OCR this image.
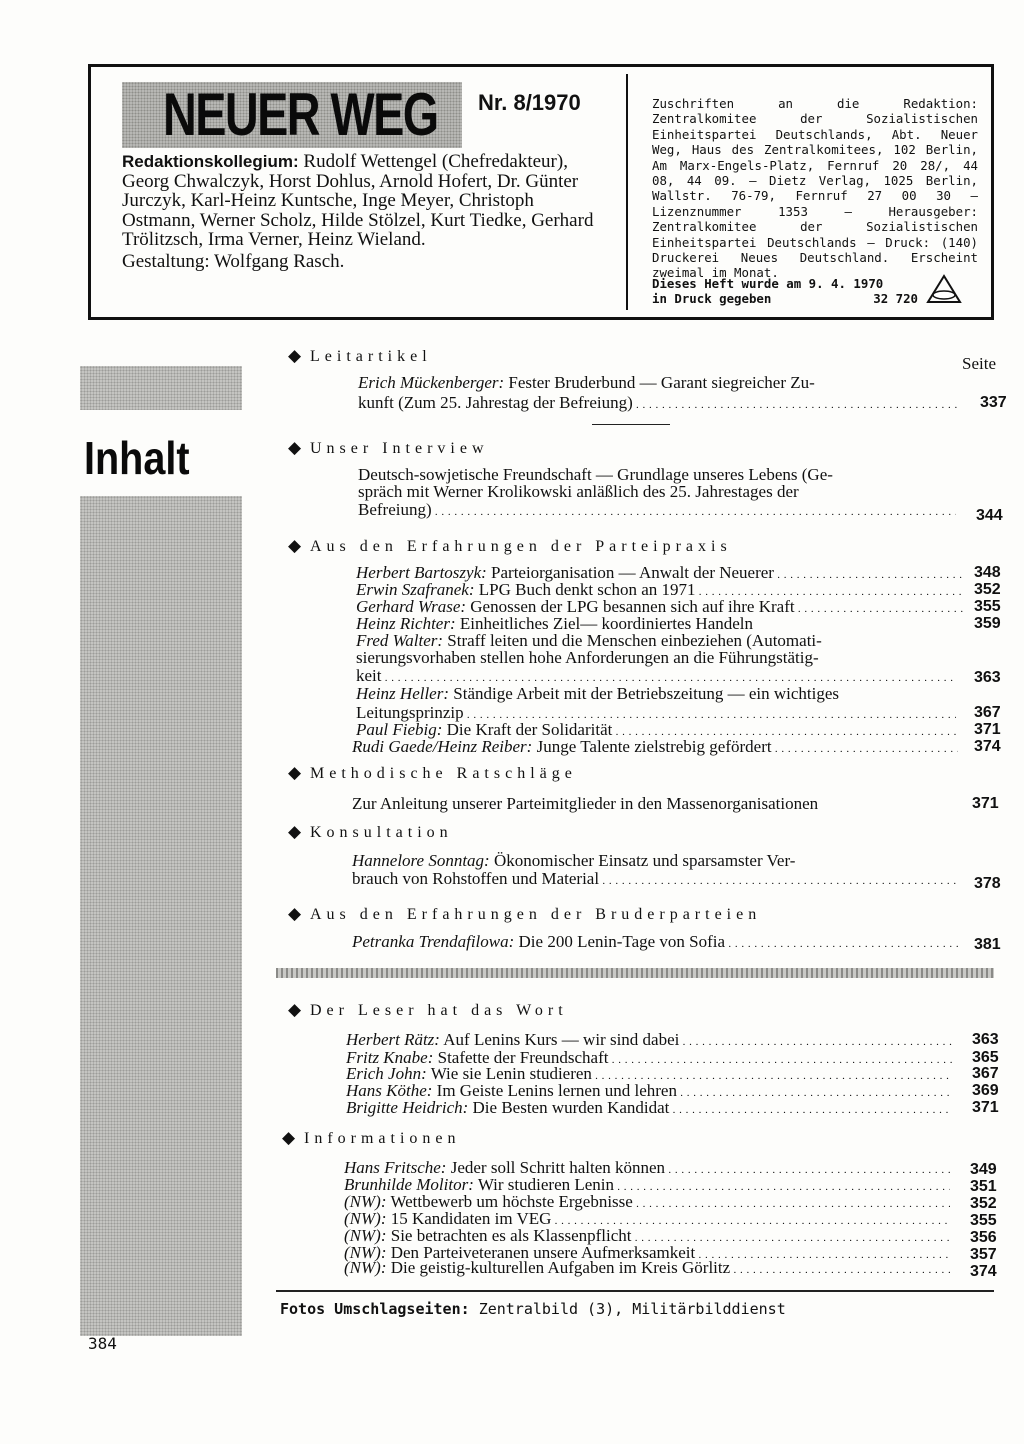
NEUER WEG Nr. 8/1970
Redaktionskollegium: Rudolf Wettengel (Chefredakteur), Georg Chwalczyk, Horst Dohlus, Arnold Hofert, Dr. Günter Jurczyk, Karl-Heinz Kuntsche, Inge Meyer, Christoph Ostmann, Werner Scholz, Hilde Stölzel, Kurt Tiedke, Gerhard Trölitzsch, Irma Verner, Heinz Wieland.
Gestaltung: Wolfgang Rasch.
Zuschriften an die Redaktion: Zentralkomitee der Sozialistischen Einheitspartei Deutschlands, Abt. Neuer Weg, Haus des Zentralkomitees, 102 Berlin, Am Marx-Engels-Platz, Fernruf 20 28/, 44 08, 44 09. — Dietz Verlag, 1025 Berlin, Wallstr. 76-79, Fernruf 27 00 30 — Lizenznummer 1353 — Herausgeber: Zentralkomitee der Sozialistischen Einheitspartei Deutschlands — Druck: (140) Druckerei Neues Deutschland. Erscheint zweimal im Monat.
Dieses Heft wurde am 9. 4. 1970
in Druck gegeben	32 720
Inhalt
Seite
◆ Leitartikel
Erich Mückenberger: Fester Bruderbund — Garant siegreicher Zu-
kunft (Zum 25. Jahrestag der Befreiung) . . .	337
◆ Unser Interview
Deutsch-sowjetische Freundschaft — Grundlage unseres Lebens (Ge-
spräch mit Werner Krolikowski anläßlich des 25. Jahrestages der
Befreiung) . . .	344
◆ Aus den Erfahrungen der Parteipraxis
Herbert Bartoszyk: Parteiorganisation — Anwalt der Neuerer . . .	348
Erwin Szafranek: LPG Buch denkt schon an 1971 . . .	352
Gerhard Wrase: Genossen der LPG besannen sich auf ihre Kraft . . .	355
Heinz Richter: Einheitliches Ziel— koordiniertes Handeln	359
Fred Walter: Straff leiten und die Menschen einbeziehen (Automati-
sierungsvorhaben stellen hohe Anforderungen an die Führungstätig-
keit . . .	363
Heinz Heller: Ständige Arbeit mit der Betriebszeitung — ein wichtiges
Leitungsprinzip . . .	367
Paul Fiebig: Die Kraft der Solidarität . . .	371
Rudi Gaede/Heinz Reiber: Junge Talente zielstrebig gefördert . . .	374
◆ Methodische Ratschläge
Zur Anleitung unserer Parteimitglieder in den Massenorganisationen	371
◆ Konsultation
Hannelore Sonntag: Ökonomischer Einsatz und sparsamster Ver-
brauch von Rohstoffen und Material . . .	378
◆ Aus den Erfahrungen der Bruderparteien
Petranka Trendafilowa: Die 200 Lenin-Tage von Sofia . . .	381
◆ Der Leser hat das Wort
Herbert Rätz: Auf Lenins Kurs — wir sind dabei . . .	363
Fritz Knabe: Stafette der Freundschaft . . .	365
Erich John: Wie sie Lenin studieren . . .	367
Hans Köthe: Im Geiste Lenins lernen und lehren . . .	369
Brigitte Heidrich: Die Besten wurden Kandidat . . .	371
◆ Informationen
Hans Fritsche: Jeder soll Schritt halten können . . .	349
Brunhilde Molitor: Wir studieren Lenin . . .	351
(NW): Wettbewerb um höchste Ergebnisse . . .	352
(NW): 15 Kandidaten im VEG . . .	355
(NW): Sie betrachten es als Klassenpflicht . . .	356
(NW): Den Parteiveteranen unsere Aufmerksamkeit . . .	357
(NW): Die geistig-kulturellen Aufgaben im Kreis Görlitz . . .	374
Fotos Umschlagseiten: Zentralbild (3), Militärbilddienst
384
